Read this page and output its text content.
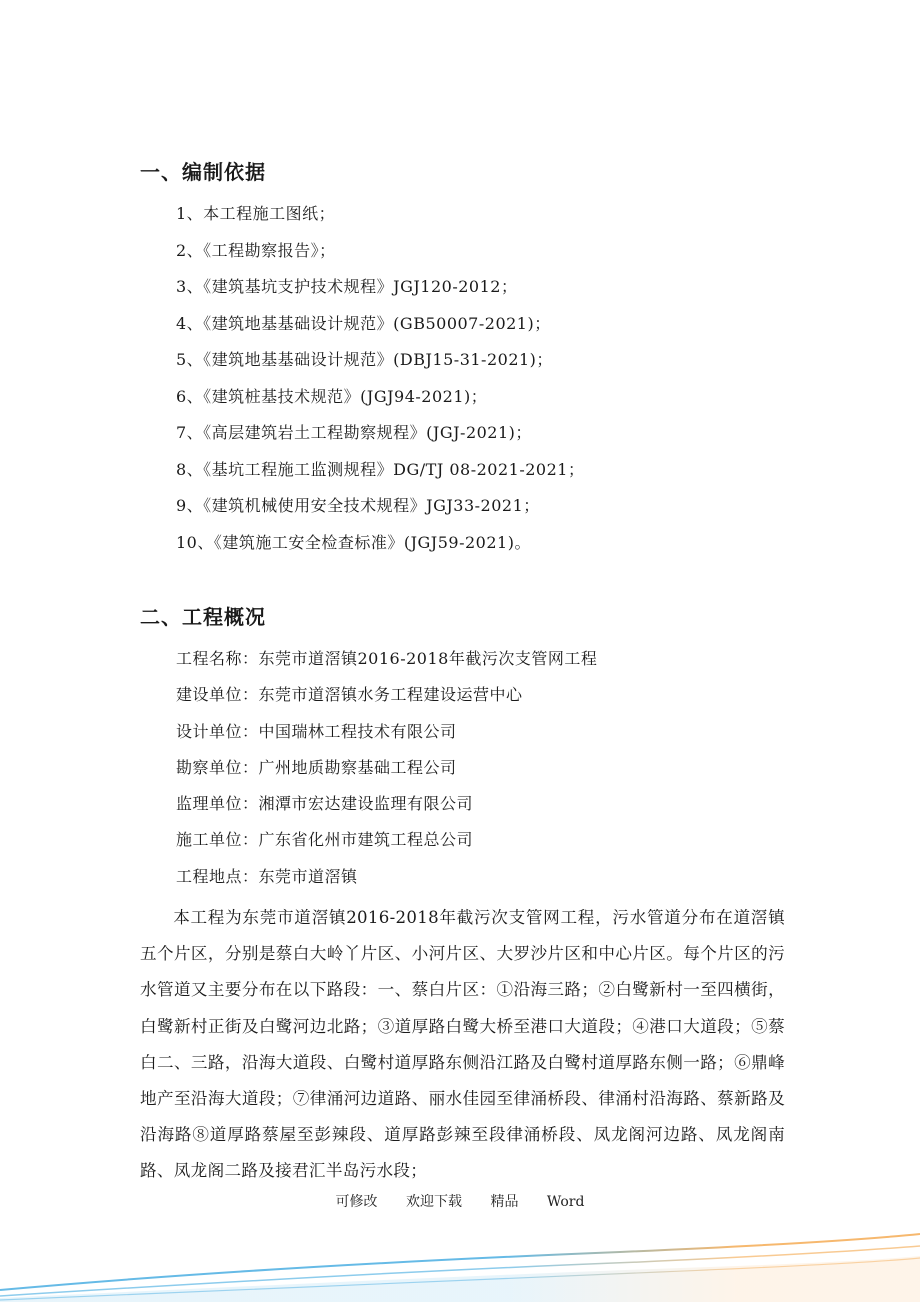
一、编制依据
1、本工程施工图纸；
2、《工程勘察报告》；
3、《建筑基坑支护技术规程》JGJ120-2012；
4、《建筑地基基础设计规范》(GB50007-2021)；
5、《建筑地基基础设计规范》(DBJ15-31-2021)；
6、《建筑桩基技术规范》(JGJ94-2021)；
7、《高层建筑岩土工程勘察规程》(JGJ-2021)；
8、《基坑工程施工监测规程》DG/TJ 08-2021-2021；
9、《建筑机械使用安全技术规程》JGJ33-2021；
10、《建筑施工安全检查标准》(JGJ59-2021)。
二、工程概况
工程名称：东莞市道滘镇2016-2018年截污次支管网工程
建设单位：东莞市道滘镇水务工程建设运营中心
设计单位：中国瑞林工程技术有限公司
勘察单位：广州地质勘察基础工程公司
监理单位：湘潭市宏达建设监理有限公司
施工单位：广东省化州市建筑工程总公司
工程地点：东莞市道滘镇

本工程为东莞市道滘镇2016-2018年截污次支管网工程，污水管道分布在道滘镇五个片区，分别是蔡白大岭丫片区、小河片区、大罗沙片区和中心片区。每个片区的污水管道又主要分布在以下路段：一、蔡白片区：①沿海三路；②白鹭新村一至四横街，白鹭新村正街及白鹭河边北路；③道厚路白鹭大桥至港口大道段；④港口大道段；⑤蔡白二、三路，沿海大道段、白鹭村道厚路东侧沿江路及白鹭村道厚路东侧一路；⑥鼎峰地产至沿海大道段；⑦律涌河边道路、丽水佳园至律涌桥段、律涌村沿海路、蔡新路及沿海路⑧道厚路蔡屋至彭辣段、道厚路彭辣至段律涌桥段、凤龙阁河边路、凤龙阁南路、凤龙阁二路及接君汇半岛污水段；

可修改 欢迎下载 精品 Word
